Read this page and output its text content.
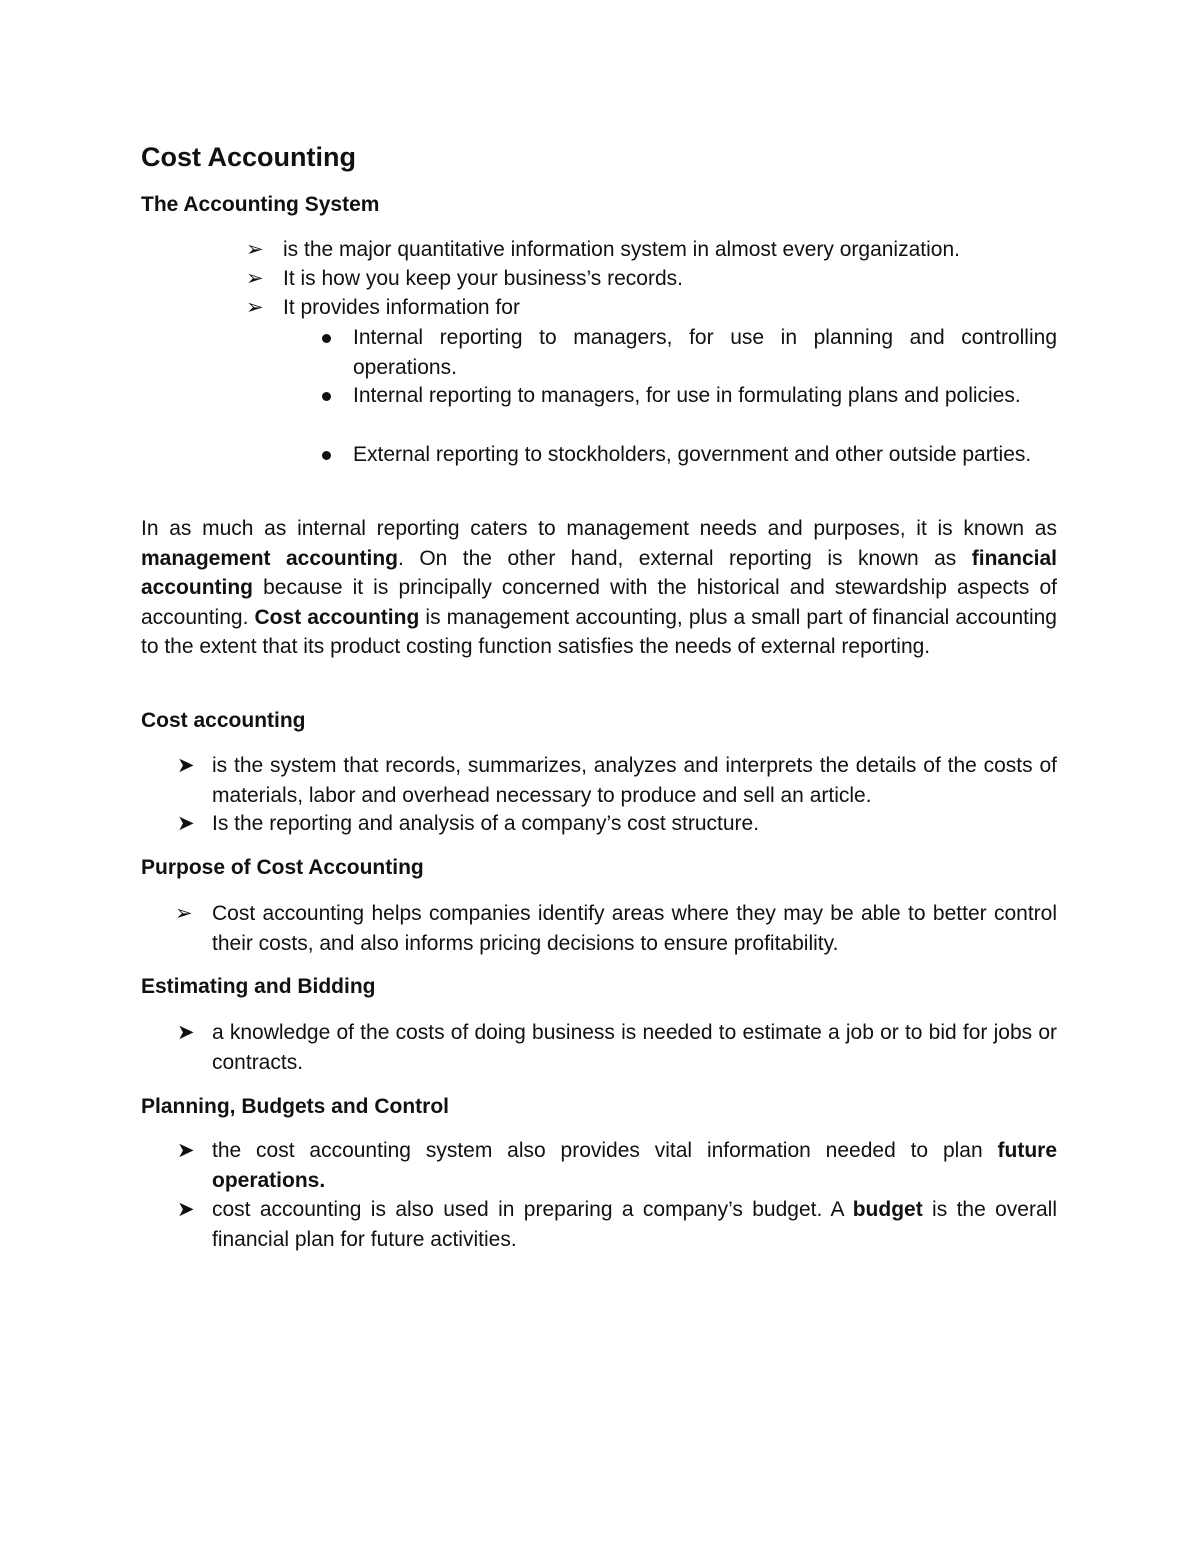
Cost Accounting
The Accounting System
➢ is the major quantitative information system in almost every organization.
➢ It is how you keep your business’s records.
➢ It provides information for
Internal reporting to managers, for use in planning and controlling operations.
Internal reporting to managers, for use in formulating plans and policies.
External reporting to stockholders, government and other outside parties.

In as much as internal reporting caters to management needs and purposes, it is known as management accounting. On the other hand, external reporting is known as financial accounting because it is principally concerned with the historical and stewardship aspects of accounting. Cost accounting is management accounting, plus a small part of financial accounting to the extent that its product costing function satisfies the needs of external reporting.

Cost accounting
➤ is the system that records, summarizes, analyzes and interprets the details of the costs of materials, labor and overhead necessary to produce and sell an article.
➤ Is the reporting and analysis of a company’s cost structure.
Purpose of Cost Accounting
➢ Cost accounting helps companies identify areas where they may be able to better control their costs, and also informs pricing decisions to ensure profitability.
Estimating and Bidding
➤ a knowledge of the costs of doing business is needed to estimate a job or to bid for jobs or contracts.
Planning, Budgets and Control
➤ the cost accounting system also provides vital information needed to plan future operations.
➤ cost accounting is also used in preparing a company’s budget. A budget is the overall financial plan for future activities.
